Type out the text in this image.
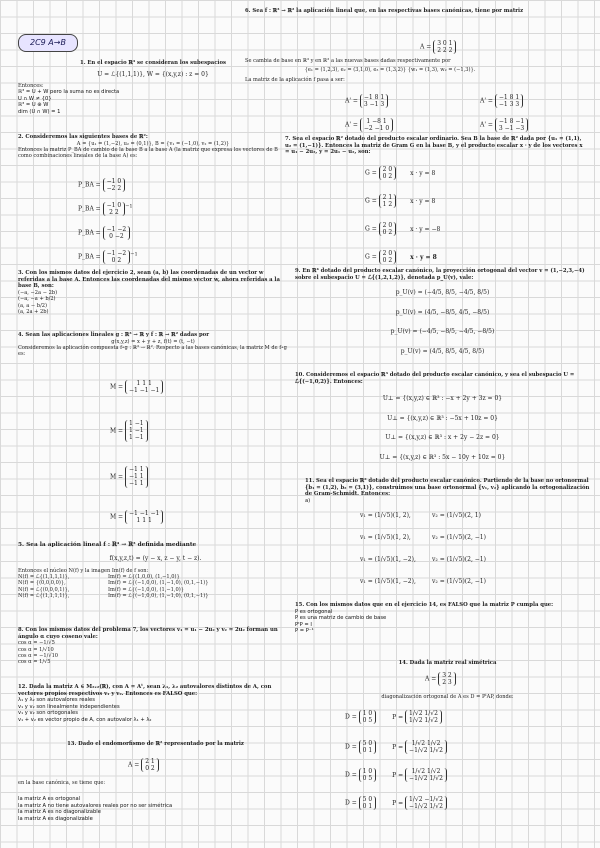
2C9 A→B

1. En el espacio ℝ³ se consideran los subespacios

U = ℒ{(1,1,1)}, W = {(x,y,z) : z = 0}

Entonces:

ℝ³ = U + W pero la suma no es directa

U ∩ W ≠ {0}

ℝ³ = U ⊕ W

dim (U ∩ W) = 1

2. Consideremos las siguientes bases de ℝ²:

A = {u₁ = (1,−2), u₂ = (0,1)}, B = {v₁ = (−1,0), v₂ = (1,2)}

Entonces la matriz P_BA de cambio de la base B a la base A (la matriz que expresa los vectores de B como combinaciones lineales de la base A) es:

P_BA =
−1 0
−2 2
P_BA =
−1 0
2 2
$^{-1}$
P_BA =
−1 −2
0 −2
P_BA =
−1 −2
0 2
$^{-1}$

3. Con los mismos datos del ejercicio 2, sean (a, b) las coordenadas de un vector w referidas a la base A. Entonces las coordenadas del mismo vector w, ahora referidas a la base B, son:

(−a, −2a − 2b)

(−a, −a + b/2)

(a, a − b/2)

(a, 2a + 2b)

4. Sean las aplicaciones lineales g : ℝ³ → ℝ y f : ℝ → ℝ² dadas por

g(x,y,z) = x + y + z, f(t) = (t, −t)

Consideremos la aplicación compuesta f∘g : ℝ³ → ℝ². Respecto a las bases canónicas, la matriz M de f∘g es:

M =
1 1 1
−1 −1 −1
M =
1 −1
1 −1
1 −1
M =
−1 1
−1 1
−1 1
M =
−1 −1 −1
1 1 1

5. Sea la aplicación lineal f : ℝ⁴ → ℝ³ definida mediante

f(x,y,z,t) = (y − x, z − y, t − z).

Entonces el núcleo N(f) y la imagen Im(f) de f son:

N(f) = ℒ{(1,1,1,1)},	Im(f) = ℒ{(1,0,0), (1,−1,0)}
N(f) = {(0,0,0,0)},	Im(f) = ℒ{(−1,0,0), (1,−1,0), (0,1,−1)}
N(f) = ℒ{(0,0,0,1)},	Im(f) = ℒ{(−1,0,0), (1,−1,0)}
N(f) = ℒ{(1,1,1,1)},	Im(f) = ℒ{(−1,0,0), (1,−1,0), (0,1,−1)}

8. Con los mismos datos del problema 7, los vectores v₁ = u₁ − 2u₂ y v₂ = 2u₂ forman un ángulo α cuyo coseno vale:

cos α = −1/√5

cos α = 1/√10

cos α = −1/√10

cos α = 1/√5

12. Dada la matriz A ∈ M₂ₓ₂(ℝ), con A = Aᵗ, sean λ₁, λ₂ autovalores distintos de A, con vectores propios respectivos v₁ y v₂. Entonces es FALSO que:

λ₁ y λ₂ son autovalores reales

v₁ y v₂ son linealmente independientes

v₁ y v₂ son ortogonales

v₁ + v₂ es vector propio de A, con autovalor λ₁ + λ₂

13. Dado el endomorfismo de ℝ² representado por la matriz

A =
2 1
0 2

en la base canónica, se tiene que:

la matriz A es ortogonal

la matriz A no tiene autovalores reales por no ser simétrica

la matriz A es no diagonalizable

la matriz A es diagonalizable

6. Sea f : ℝ³ → ℝ² la aplicación lineal que, en las respectivas bases canónicas, tiene por matriz

A =
3 0 1
2 2 2

Se cambia de base en ℝ³ y en ℝ² a las nuevas bases dadas respectivamente por

{e₁ = (1,2,3), e₂ = (3,1,0), e₃ = (1,3,2)} {w₁ = (1,3), w₂ = (−1,3)}.

La matriz de la aplicación f pasa a ser:

A' =
−1 8 1
3 −1 3	A' =
−1 8 1
−1 3 3
A' =
1 −8 1
−2 −1 0	A' =
−1 8 −1
3 −1 −3

7. Sea el espacio ℝ² dotado del producto escalar ordinario. Sea B la base de ℝ² dada por {u₁ = (1,1), u₂ = (1,−1)}. Entonces la matriz de Gram G en la base B, y el producto escalar x · y de los vectores x = u₁ − 2u₂, y = 2u₁ − u₂, son:

G =
2 0
0 2	x · y = 8
G =
2 1
1 2	x · y = 8
G =
2 0
0 2	x · y = −8
G =
2 0
0 2	x · y = 8

9. En ℝ⁴ dotado del producto escalar canónico, la proyección ortogonal del vector v = (1,−2,3,−4) sobre el subespacio U = ℒ{(1,2,1,2)}, denotada p_U(v), vale:

p_U(v) = (−4/5, 8/5, −4/5, 8/5)

p_U(v) = (4/5, −8/5, 4/5, −8/5)

p_U(v) = (−4/5, −8/5, −4/5, −8/5)

p_U(v) = (4/5, 8/5, 4/5, 8/5)

10. Consideremos el espacio ℝ³ dotado del producto escalar canónico, y sea el subespacio U = ℒ{(−1,0,2)}. Entonces:

U⊥ = {(x,y,z) ∈ ℝ³ : −x + 2y + 3z = 0}

U⊥ = {(x,y,z) ∈ ℝ³ : −5x + 10z = 0}

U⊥ = {(x,y,z) ∈ ℝ³ : x + 2y − 2z = 0}

U⊥ = {(x,y,z) ∈ ℝ³ : 5x − 10y + 10z = 0}

11. Sea el espacio ℝ² dotado del producto escalar canónico. Partiendo de la base no ortonormal {b₁ = (1,2), b₂ = (3,1)}, construimos una base ortonormal {v₁, v₂} aplicando la ortogonalización de Gram-Schmidt. Entonces:

a)

v₁ = (1/√5)(1, 2),	v₂ = (1/√5)(2, 1)
v₁ = (1/√5)(1, 2),	v₂ = (1/√5)(2, −1)
v₁ = (1/√5)(1, −2),	v₂ = (1/√5)(2, −1)
v₁ = (1/√5)(1, −2),	v₂ = (1/√5)(2, −1)

15. Con los mismos datos que en el ejercicio 14, es FALSO que la matriz P cumpla que:

P es ortogonal

P es una matriz de cambio de base

PᵗP = I

P = P⁻¹

14. Dada la matriz real simétrica

A =
3 2
2 3

diagonalización ortogonal de A es D = PᵗAP, donde:

D =
1 0
0 5	P =
1/√2 1/√2
1/√2 1/√2
D =
5 0
0 1	P =
1/√2 1/√2
−1/√2 1/√2
D =
1 0
0 5	P =
1/√2 1/√2
−1/√2 1/√2
D =
5 0
0 1	P =
1/√2 −1/√2
−1/√2 1/√2
